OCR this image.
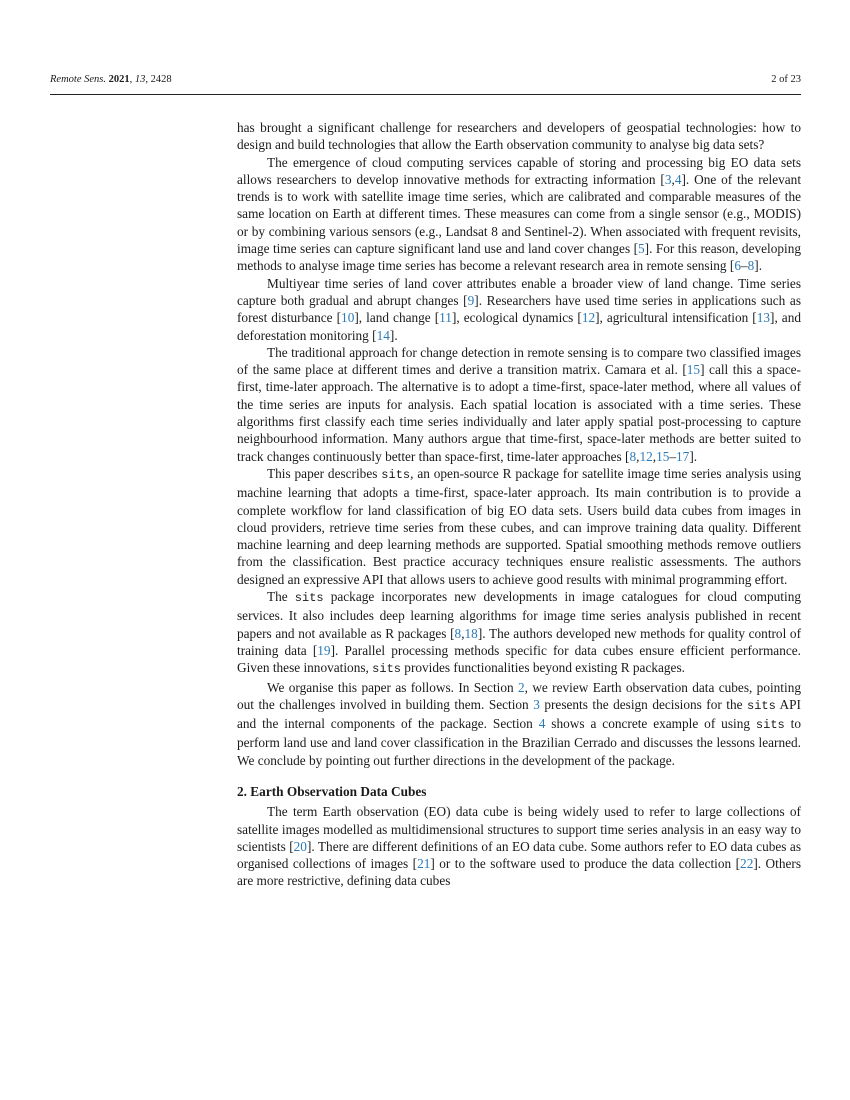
Remote Sens. 2021, 13, 2428	2 of 23

has brought a significant challenge for researchers and developers of geospatial technologies: how to design and build technologies that allow the Earth observation community to analyse big data sets?

The emergence of cloud computing services capable of storing and processing big EO data sets allows researchers to develop innovative methods for extracting information [3,4]. One of the relevant trends is to work with satellite image time series, which are calibrated and comparable measures of the same location on Earth at different times. These measures can come from a single sensor (e.g., MODIS) or by combining various sensors (e.g., Landsat 8 and Sentinel-2). When associated with frequent revisits, image time series can capture significant land use and land cover changes [5]. For this reason, developing methods to analyse image time series has become a relevant research area in remote sensing [6–8].

Multiyear time series of land cover attributes enable a broader view of land change. Time series capture both gradual and abrupt changes [9]. Researchers have used time series in applications such as forest disturbance [10], land change [11], ecological dynamics [12], agricultural intensification [13], and deforestation monitoring [14].

The traditional approach for change detection in remote sensing is to compare two classified images of the same place at different times and derive a transition matrix. Camara et al. [15] call this a space-first, time-later approach. The alternative is to adopt a time-first, space-later method, where all values of the time series are inputs for analysis. Each spatial location is associated with a time series. These algorithms first classify each time series individually and later apply spatial post-processing to capture neighbourhood information. Many authors argue that time-first, space-later methods are better suited to track changes continuously better than space-first, time-later approaches [8,12,15–17].

This paper describes sits, an open-source R package for satellite image time series analysis using machine learning that adopts a time-first, space-later approach. Its main contribution is to provide a complete workflow for land classification of big EO data sets. Users build data cubes from images in cloud providers, retrieve time series from these cubes, and can improve training data quality. Different machine learning and deep learning methods are supported. Spatial smoothing methods remove outliers from the classification. Best practice accuracy techniques ensure realistic assessments. The authors designed an expressive API that allows users to achieve good results with minimal programming effort.

The sits package incorporates new developments in image catalogues for cloud computing services. It also includes deep learning algorithms for image time series analysis published in recent papers and not available as R packages [8,18]. The authors developed new methods for quality control of training data [19]. Parallel processing methods specific for data cubes ensure efficient performance. Given these innovations, sits provides functionalities beyond existing R packages.

We organise this paper as follows. In Section 2, we review Earth observation data cubes, pointing out the challenges involved in building them. Section 3 presents the design decisions for the sits API and the internal components of the package. Section 4 shows a concrete example of using sits to perform land use and land cover classification in the Brazilian Cerrado and discusses the lessons learned. We conclude by pointing out further directions in the development of the package.

2. Earth Observation Data Cubes

The term Earth observation (EO) data cube is being widely used to refer to large collections of satellite images modelled as multidimensional structures to support time series analysis in an easy way to scientists [20]. There are different definitions of an EO data cube. Some authors refer to EO data cubes as organised collections of images [21] or to the software used to produce the data collection [22]. Others are more restrictive, defining data cubes
